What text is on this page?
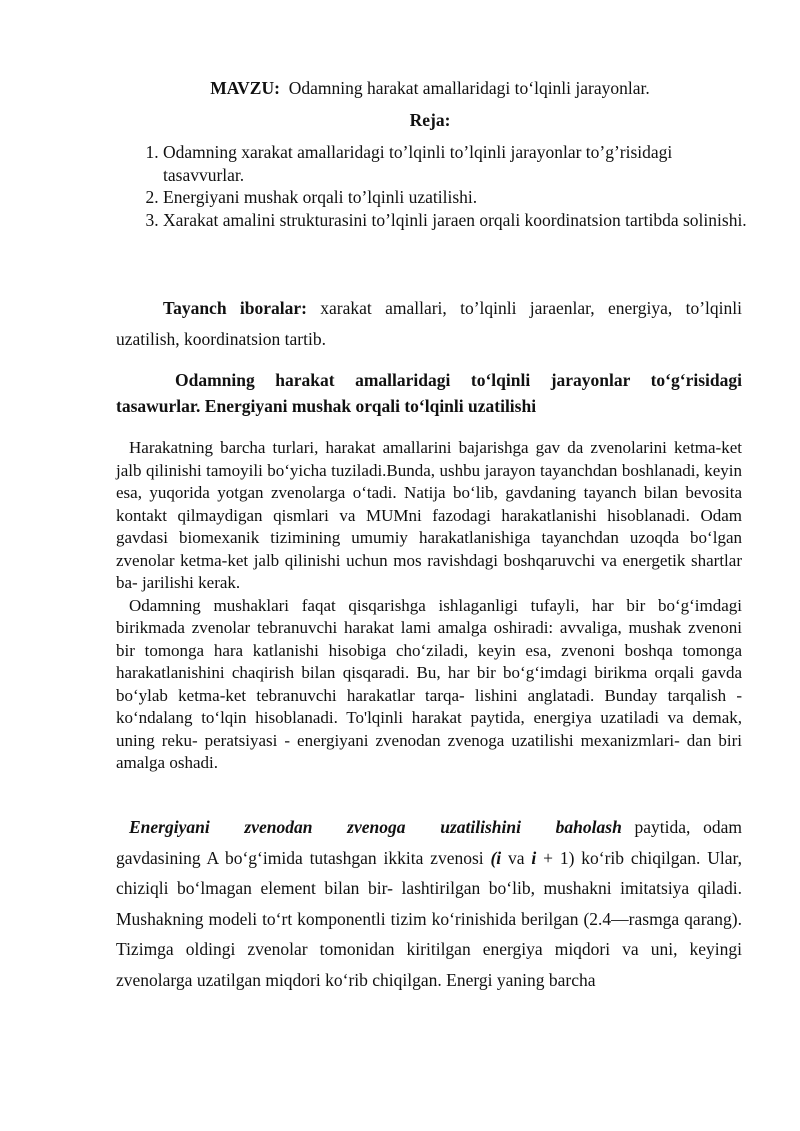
MAVZU: Odamning harakat amallaridagi to‘lqinli jarayonlar.
Reja:
1. Odamning xarakat amallaridagi to’lqinli to’lqinli jarayonlar to’g’risidagi tasavvurlar.
2. Energiyani mushak orqali to’lqinli uzatilishi.
3. Xarakat amalini strukturasini to’lqinli jaraen orqali koordinatsion tartibda solinishi.

Tayanch iboralar: xarakat amallari, to’lqinli jaraenlar, energiya, to’lqinli uzatilish, koordinatsion tartib.

Odamning harakat amallaridagi to‘lqinli jarayonlar to‘g‘risidagi tasawurlar. Energiyani mushak orqali to‘lqinli uzatilishi

Harakatning barcha turlari, harakat amallarini bajarishga gav da zvenolarini ketma-ket jalb qilinishi tamoyili bo‘yicha tuziladi.Bunda, ushbu jarayon tayanchdan boshlanadi, keyin esa, yuqorida yotgan zvenolarga o‘tadi. Natija bo‘lib, gavdaning tayanch bilan bevosita kontakt qilmaydigan qismlari va MUMni fazodagi harakatlanishi hisoblanadi. Odam gavdasi biomexanik tizimining umumiy harakatlanishiga tayanchdan uzoqda bo‘lgan zvenolar ketma-ket jalb qilinishi uchun mos ravishdagi boshqaruvchi va energetik shartlar ba- jarilishi kerak.

Odamning mushaklari faqat qisqarishga ishlaganligi tufayli, har bir bo‘g‘imdagi birikmada zvenolar tebranuvchi harakat lami amalga oshiradi: avvaliga, mushak zvenoni bir tomonga hara katlanishi hisobiga cho‘ziladi, keyin esa, zvenoni boshqa tomonga harakatlanishini chaqirish bilan qisqaradi. Bu, har bir bo‘g‘imdagi birikma orqali gavda bo‘ylab ketma-ket tebranuvchi harakatlar tarqa- lishini anglatadi. Bunday tarqalish - ko‘ndalang to‘lqin hisoblanadi. To'lqinli harakat paytida, energiya uzatiladi va demak, uning reku- peratsiyasi - energiyani zvenodan zvenoga uzatilishi mexanizmlari- dan biri amalga oshadi.

Energiyani zvenodan zvenoga uzatilishini baholash paytida, odam gavdasining A bo‘g‘imida tutashgan ikkita zvenosi (i va i + 1) ko‘rib chiqilgan. Ular, chiziqli bo‘lmagan element bilan bir- lashtirilgan bo‘lib, mushakni imitatsiya qiladi. Mushakning modeli to‘rt komponentli tizim ko‘rinishida berilgan (2.4—rasmga qarang). Tizimga oldingi zvenolar tomonidan kiritilgan energiya miqdori va uni, keyingi zvenolarga uzatilgan miqdori ko‘rib chiqilgan. Energi yaning barcha
